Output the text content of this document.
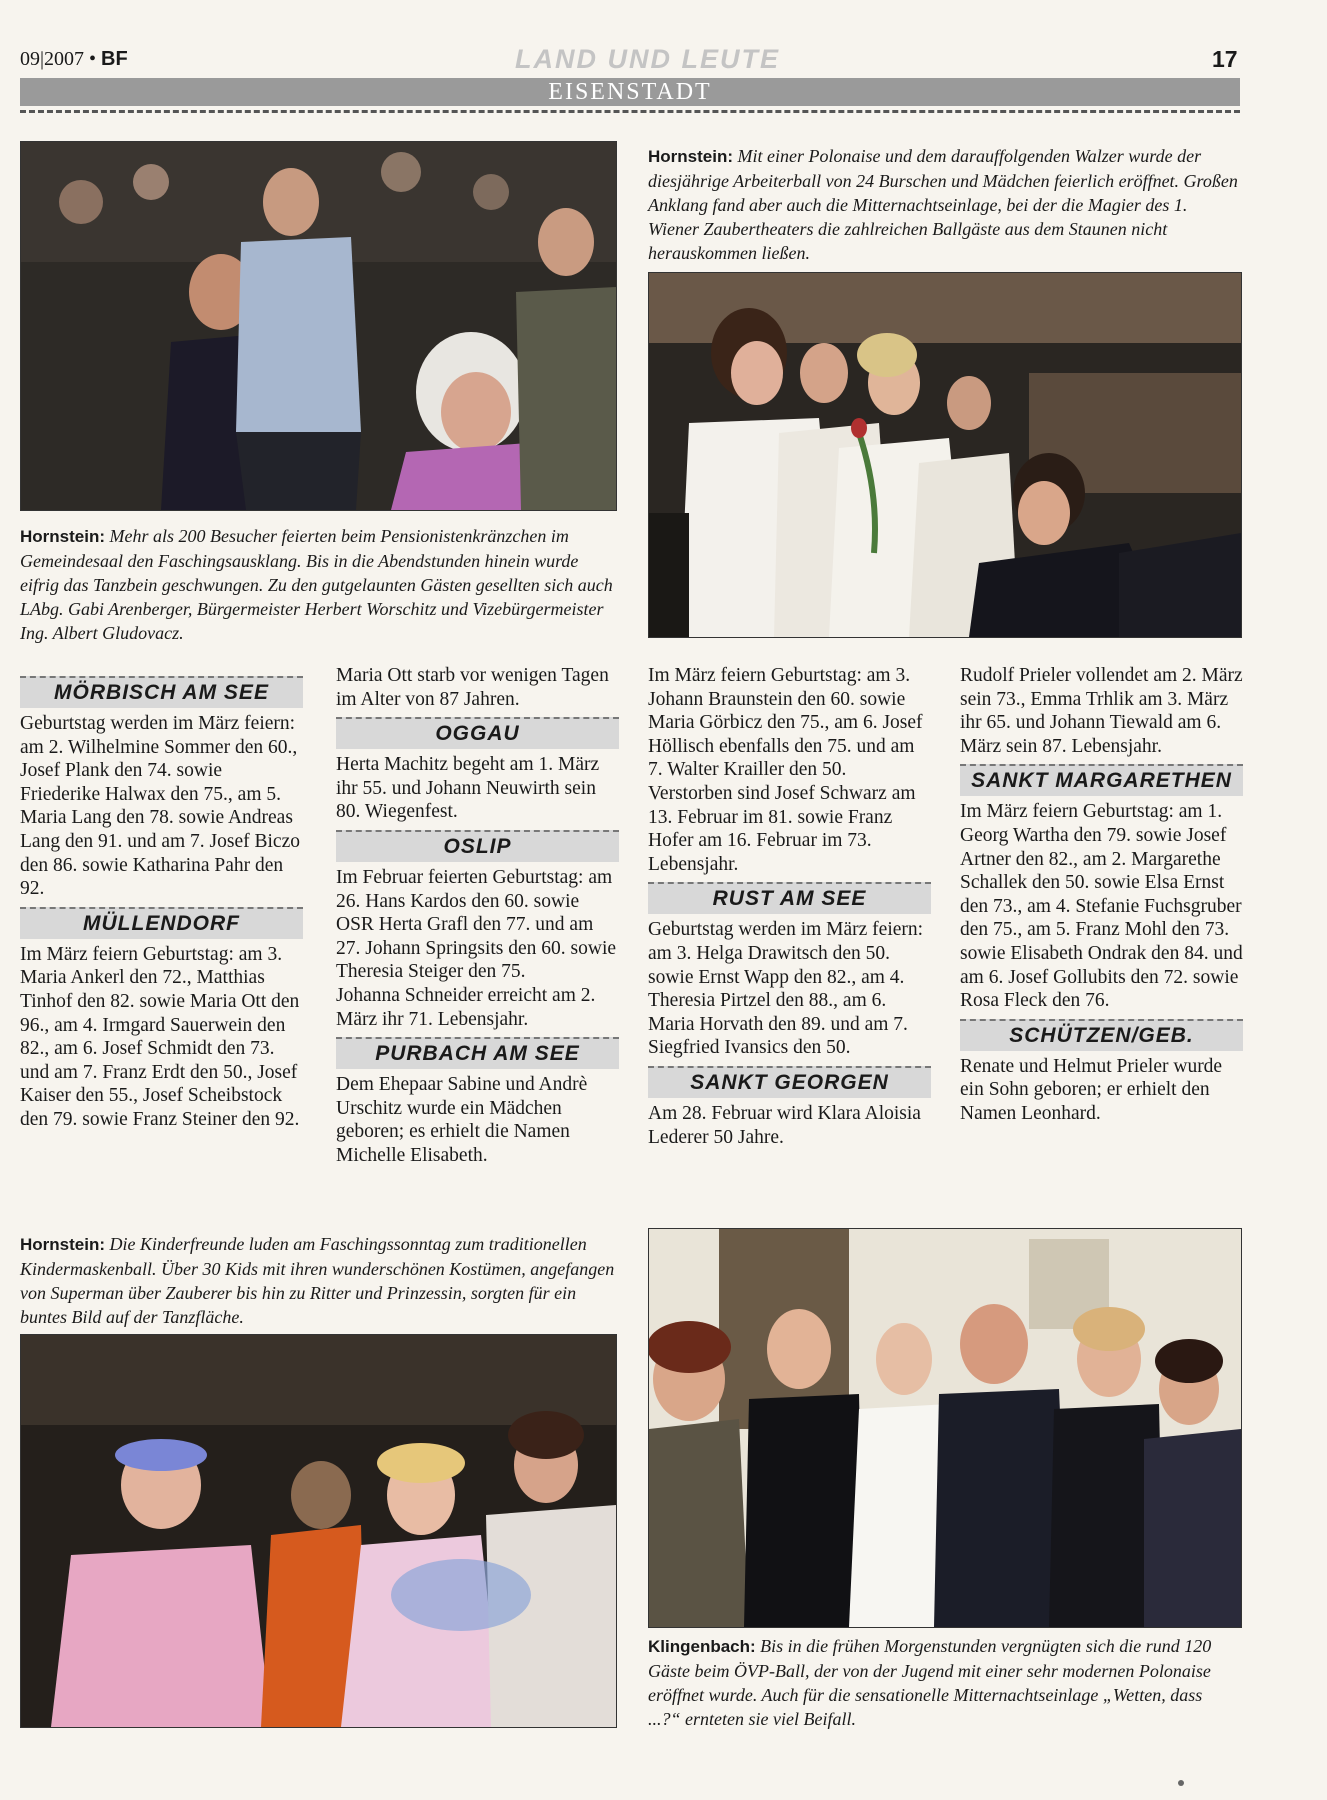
09|2007 • BF	LAND UND LEUTE	17
EISENSTADT
Hornstein: Mit einer Polonaise und dem darauffolgenden Walzer wurde der diesjährige Arbeiterball von 24 Burschen und Mädchen feierlich eröffnet. Großen Anklang fand aber auch die Mitternachtseinlage, bei der die Magier des 1. Wiener Zaubertheaters die zahlreichen Ballgäste aus dem Staunen nicht herauskommen ließen.
Hornstein: Mehr als 200 Besucher feierten beim Pensionistenkränzchen im Gemeindesaal den Faschingsausklang. Bis in die Abendstunden hinein wurde eifrig das Tanzbein geschwungen. Zu den gutgelaunten Gästen gesellten sich auch LAbg. Gabi Arenberger, Bürgermeister Herbert Worschitz und Vizebürgermeister Ing. Albert Gludovacz.
MÖRBISCH AM SEE

Geburtstag werden im März feiern: am 2. Wilhelmine Sommer den 60., Josef Plank den 74. sowie Friederike Halwax den 75., am 5. Maria Lang den 78. sowie Andreas Lang den 91. und am 7. Josef Biczo den 86. sowie Katharina Pahr den 92.

MÜLLENDORF

Im März feiern Geburtstag: am 3. Maria Ankerl den 72., Matthias Tinhof den 82. sowie Maria Ott den 96., am 4. Irmgard Sauerwein den 82., am 6. Josef Schmidt den 73. und am 7. Franz Erdt den 50., Josef Kaiser den 55., Josef Scheibstock den 79. sowie Franz Steiner den 92.

Maria Ott starb vor wenigen Tagen im Alter von 87 Jahren.

OGGAU

Herta Machitz begeht am 1. März ihr 55. und Johann Neuwirth sein 80. Wiegenfest.

OSLIP

Im Februar feierten Geburtstag: am 26. Hans Kardos den 60. sowie OSR Herta Grafl den 77. und am 27. Johann Springsits den 60. sowie Theresia Steiger den 75.

Johanna Schneider erreicht am 2. März ihr 71. Lebensjahr.

PURBACH AM SEE

Dem Ehepaar Sabine und Andrè Urschitz wurde ein Mädchen geboren; es erhielt die Namen Michelle Elisabeth.

Im März feiern Geburtstag: am 3. Johann Braunstein den 60. sowie Maria Görbicz den 75., am 6. Josef Höllisch ebenfalls den 75. und am 7. Walter Krailler den 50.

Verstorben sind Josef Schwarz am 13. Februar im 81. sowie Franz Hofer am 16. Februar im 73. Lebensjahr.

RUST AM SEE

Geburtstag werden im März feiern: am 3. Helga Drawitsch den 50. sowie Ernst Wapp den 82., am 4. Theresia Pirtzel den 88., am 6. Maria Horvath den 89. und am 7. Siegfried Ivansics den 50.

SANKT GEORGEN

Am 28. Februar wird Klara Aloisia Lederer 50 Jahre.

Rudolf Prieler vollendet am 2. März sein 73., Emma Trhlik am 3. März ihr 65. und Johann Tiewald am 6. März sein 87. Lebensjahr.

SANKT MARGARETHEN

Im März feiern Geburtstag: am 1. Georg Wartha den 79. sowie Josef Artner den 82., am 2. Margarethe Schallek den 50. sowie Elsa Ernst den 73., am 4. Stefanie Fuchsgruber den 75., am 5. Franz Mohl den 73. sowie Elisabeth Ondrak den 84. und am 6. Josef Gollubits den 72. sowie Rosa Fleck den 76.

SCHÜTZEN/GEB.

Renate und Helmut Prieler wurde ein Sohn geboren; er erhielt den Namen Leonhard.

Hornstein: Die Kinderfreunde luden am Faschingssonntag zum traditionellen Kindermaskenball. Über 30 Kids mit ihren wunderschönen Kostümen, angefangen von Superman über Zauberer bis hin zu Ritter und Prinzessin, sorgten für ein buntes Bild auf der Tanzfläche.
Klingenbach: Bis in die frühen Morgenstunden vergnügten sich die rund 120 Gäste beim ÖVP-Ball, der von der Jugend mit einer sehr modernen Polonaise eröffnet wurde. Auch für die sensationelle Mitternachtseinlage „Wetten, dass ...?“ ernteten sie viel Beifall.
